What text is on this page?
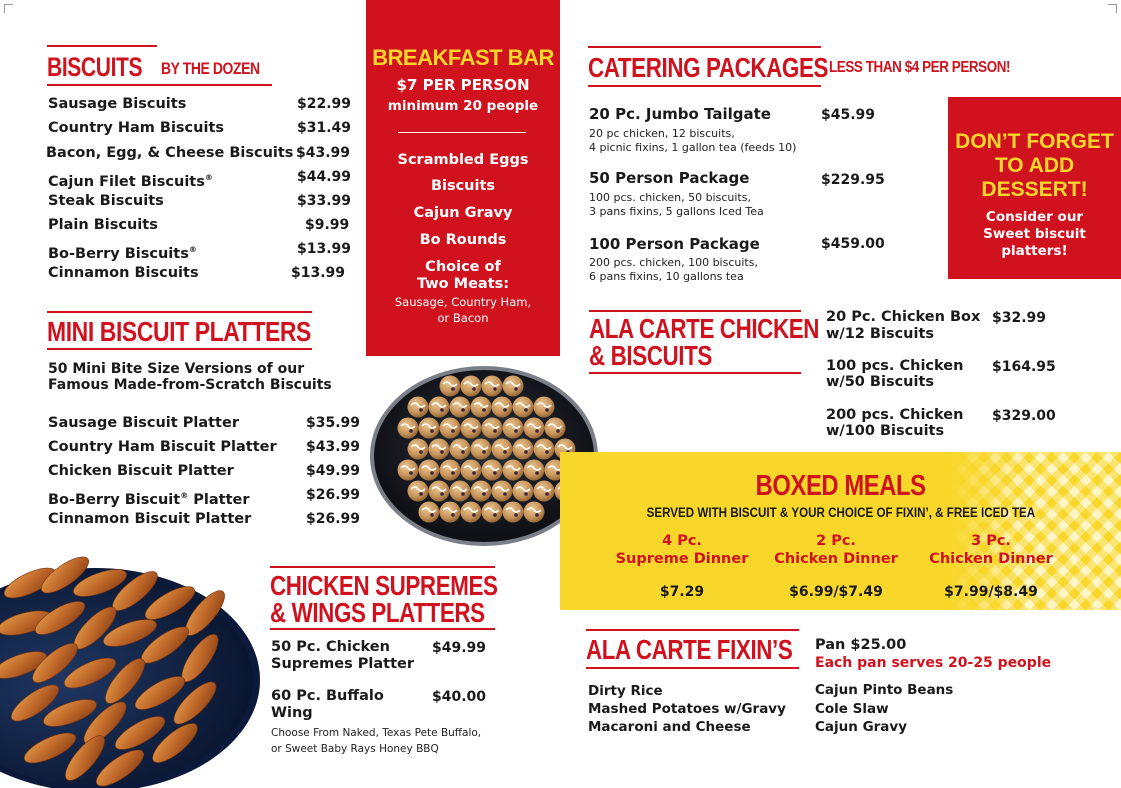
BISCUITS BY THE DOZEN
Sausage Biscuits	$22.99
Country Ham Biscuits	$31.49
Bacon, Egg, & Cheese Biscuits $43.99
Cajun Filet Biscuits®	$44.99
Steak Biscuits	$33.99
Plain Biscuits	$9.99
Bo-Berry Biscuits®	$13.99
Cinnamon Biscuits	$13.99
BREAKFAST BAR
$7 PER PERSON
minimum 20 people
Scrambled Eggs
Biscuits
Cajun Gravy
Bo Rounds
Choice of
Two Meats:
Sausage, Country Ham,
or Bacon
CATERING PACKAGES LESS THAN $4 PER PERSON!
20 Pc. Jumbo Tailgate	$45.99
20 pc chicken, 12 biscuits,
4 picnic fixins, 1 gallon tea (feeds 10)
50 Person Package	$229.95
100 pcs. chicken, 50 biscuits,
3 pans fixins, 5 gallons Iced Tea
100 Person Package	$459.00
200 pcs. chicken, 100 biscuits,
6 pans fixins, 10 gallons tea
DON’T FORGET
TO ADD
DESSERT!
Consider our
Sweet biscuit
platters!
MINI BISCUIT PLATTERS
50 Mini Bite Size Versions of our
Famous Made-from-Scratch Biscuits
Sausage Biscuit Platter	$35.99
Country Ham Biscuit Platter $43.99
Chicken Biscuit Platter	$49.99
Bo-Berry Biscuit® Platter	$26.99
Cinnamon Biscuit Platter	$26.99
ALA CARTE CHICKEN
& BISCUITS
20 Pc. Chicken Box
w/12 Biscuits
$32.99
100 pcs. Chicken
w/50 Biscuits
$164.95
200 pcs. Chicken
w/100 Biscuits
$329.00
BOXED MEALS
SERVED WITH BISCUIT & YOUR CHOICE OF FIXIN’, & FREE ICED TEA
4 Pc.
Supreme Dinner
$7.29
2 Pc.
Chicken Dinner
$6.99/$7.49
3 Pc.
Chicken Dinner
$7.99/$8.49
CHICKEN SUPREMES
& WINGS PLATTERS
50 Pc. Chicken
Supremes Platter
$49.99
60 Pc. Buffalo
Wing
$40.00
Choose From Naked, Texas Pete Buffalo,
or Sweet Baby Rays Honey BBQ
ALA CARTE FIXIN’S Pan $25.00
Each pan serves 20-25 people
Dirty Rice
Mashed Potatoes w/Gravy
Macaroni and Cheese
Cajun Pinto Beans
Cole Slaw
Cajun Gravy
